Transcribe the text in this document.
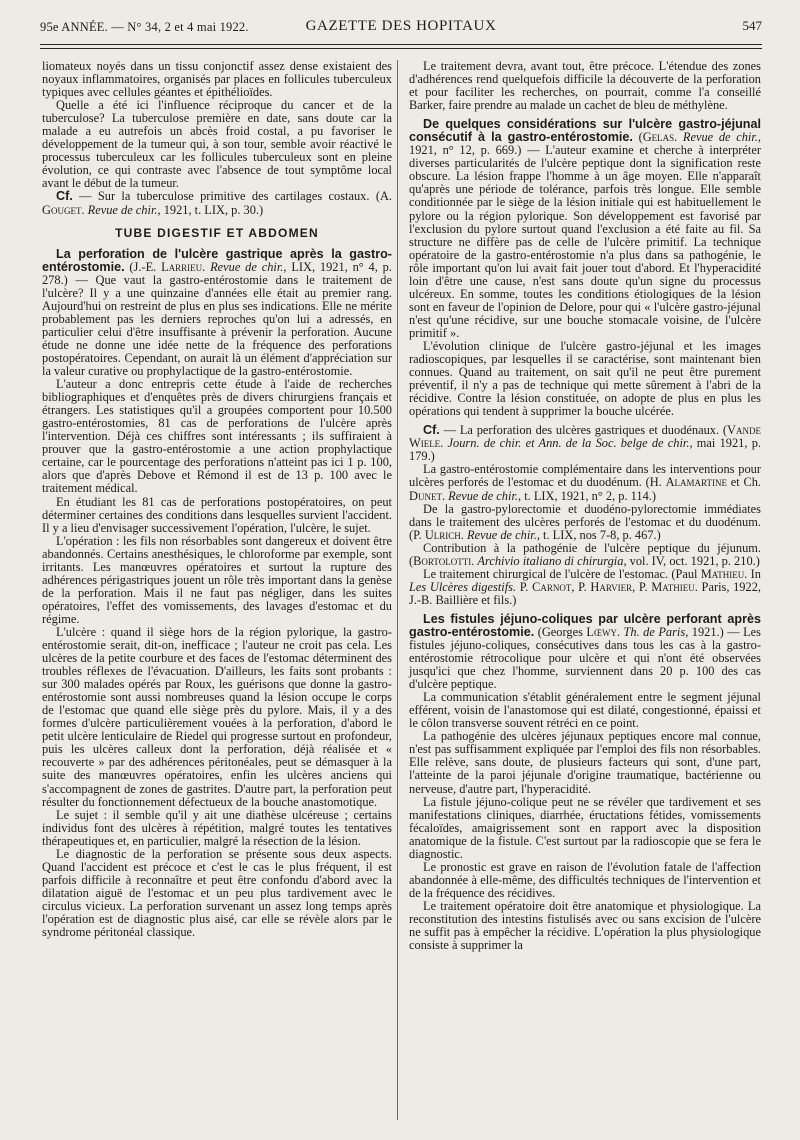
95e ANNÉE. — N° 34, 2 et 4 mai 1922.	GAZETTE DES HOPITAUX	547

liomateux noyés dans un tissu conjonctif assez dense existaient des noyaux inflammatoires, organisés par places en follicules tuberculeux typiques avec cellules géantes et épithélioïdes.

Quelle a été ici l'influence réciproque du cancer et de la tuberculose? La tuberculose première en date, sans doute car la malade a eu autrefois un abcès froid costal, a pu favoriser le développement de la tumeur qui, à son tour, semble avoir réactivé le processus tuberculeux car les follicules tuberculeux sont en pleine évolution, ce qui contraste avec l'absence de tout symptôme local avant le début de la tumeur.

Cf. — Sur la tuberculose primitive des cartilages costaux. (A. Gouget. Revue de chir., 1921, t. LIX, p. 30.)

TUBE DIGESTIF ET ABDOMEN

La perforation de l'ulcère gastrique après la gastro-entérostomie. (J.-E. Larrieu. Revue de chir., LIX, 1921, n° 4, p. 278.) — Que vaut la gastro-entérostomie dans le traitement de l'ulcère? Il y a une quinzaine d'années elle était au premier rang. Aujourd'hui on restreint de plus en plus ses indications. Elle ne mérite probablement pas les derniers reproches qu'on lui a adressés, en particulier celui d'être insuffisante à prévenir la perforation. Aucune étude ne donne une idée nette de la fréquence des perforations postopératoires. Cependant, on aurait là un élément d'appréciation sur la valeur curative ou prophylactique de la gastro-entérostomie.

L'auteur a donc entrepris cette étude à l'aide de recherches bibliographiques et d'enquêtes près de divers chirurgiens français et étrangers. Les statistiques qu'il a groupées comportent pour 10.500 gastro-entérostomies, 81 cas de perforations de l'ulcère après l'intervention. Déjà ces chiffres sont intéressants ; ils suffiraient à prouver que la gastro-entérostomie a une action prophylactique certaine, car le pourcentage des perforations n'atteint pas ici 1 p. 100, alors que d'après Debove et Rémond il est de 13 p. 100 avec le traitement médical.

En étudiant les 81 cas de perforations postopératoires, on peut déterminer certaines des conditions dans lesquelles survient l'accident. Il y a lieu d'envisager successivement l'opération, l'ulcère, le sujet.

L'opération : les fils non résorbables sont dangereux et doivent être abandonnés. Certains anesthésiques, le chloroforme par exemple, sont irritants. Les manœuvres opératoires et surtout la rupture des adhérences périgastriques jouent un rôle très important dans la genèse de la perforation. Mais il ne faut pas négliger, dans les suites opératoires, l'effet des vomissements, des lavages d'estomac et du régime.

L'ulcère : quand il siège hors de la région pylorique, la gastro-entérostomie serait, dit-on, inefficace ; l'auteur ne croit pas cela. Les ulcères de la petite courbure et des faces de l'estomac déterminent des troubles réflexes de l'évacuation. D'ailleurs, les faits sont probants : sur 300 malades opérés par Roux, les guérisons que donne la gastro-entérostomie sont aussi nombreuses quand la lésion occupe le corps de l'estomac que quand elle siège près du pylore. Mais, il y a des formes d'ulcère particulièrement vouées à la perforation, d'abord le petit ulcère lenticulaire de Riedel qui progresse surtout en profondeur, puis les ulcères calleux dont la perforation, déjà réalisée et « recouverte » par des adhérences péritonéales, peut se démasquer à la suite des manœuvres opératoires, enfin les ulcères anciens qui s'accompagnent de zones de gastrites. D'autre part, la perforation peut résulter du fonctionnement défectueux de la bouche anastomotique.

Le sujet : il semble qu'il y ait une diathèse ulcéreuse ; certains individus font des ulcères à répétition, malgré toutes les tentatives thérapeutiques et, en particulier, malgré la résection de la lésion.

Le diagnostic de la perforation se présente sous deux aspects. Quand l'accident est précoce et c'est le cas le plus fréquent, il est parfois difficile à reconnaître et peut être confondu d'abord avec la dilatation aiguë de l'estomac et un peu plus tardivement avec le circulus vicieux. La perforation survenant un assez long temps après l'opération est de diagnostic plus aisé, car elle se révèle alors par le syndrome péritonéal classique.

Le traitement devra, avant tout, être précoce. L'étendue des zones d'adhérences rend quelquefois difficile la découverte de la perforation et pour faciliter les recherches, on pourrait, comme l'a conseillé Barker, faire prendre au malade un cachet de bleu de méthylène.

De quelques considérations sur l'ulcère gastro-jéjunal consécutif à la gastro-entérostomie. (Gelas. Revue de chir., 1921, n° 12, p. 669.) — L'auteur examine et cherche à interpréter diverses particularités de l'ulcère peptique dont la signification reste obscure. La lésion frappe l'homme à un âge moyen. Elle n'apparaît qu'après une période de tolérance, parfois très longue. Elle semble conditionnée par le siège de la lésion initiale qui est habituellement le pylore ou la région pylorique. Son développement est favorisé par l'exclusion du pylore surtout quand l'exclusion a été faite au fil. Sa structure ne diffère pas de celle de l'ulcère primitif. La technique opératoire de la gastro-entérostomie n'a plus dans sa pathogénie, le rôle important qu'on lui avait fait jouer tout d'abord. Et l'hyperacidité loin d'être une cause, n'est sans doute qu'un signe du processus ulcéreux. En somme, toutes les conditions étiologiques de la lésion sont en faveur de l'opinion de Delore, pour qui « l'ulcère gastro-jéjunal n'est qu'une récidive, sur une bouche stomacale voisine, de l'ulcère primitif ».

L'évolution clinique de l'ulcère gastro-jéjunal et les images radioscopiques, par lesquelles il se caractérise, sont maintenant bien connues. Quand au traitement, on sait qu'il ne peut être purement préventif, il n'y a pas de technique qui mette sûrement à l'abri de la récidive. Contre la lésion constituée, on adopte de plus en plus les opérations qui tendent à supprimer la bouche ulcérée.

Cf. — La perforation des ulcères gastriques et duodénaux. (Vande Wiele. Journ. de chir. et Ann. de la Soc. belge de chir., mai 1921, p. 179.)

La gastro-entérostomie complémentaire dans les interventions pour ulcères perforés de l'estomac et du duodénum. (H. Alamartine et Ch. Dunet. Revue de chir., t. LIX, 1921, n° 2, p. 114.)

De la gastro-pylorectomie et duodéno-pylorectomie immédiates dans le traitement des ulcères perforés de l'estomac et du duodénum. (P. Ulrich. Revue de chir., t. LIX, nos 7-8, p. 467.)

Contribution à la pathogénie de l'ulcère peptique du jéjunum. (Bortolotti. Archivio italiano di chirurgia, vol. IV, oct. 1921, p. 210.)

Le traitement chirurgical de l'ulcère de l'estomac. (Paul Mathieu. In Les Ulcères digestifs. P. Carnot, P. Harvier, P. Mathieu. Paris, 1922, J.-B. Baillière et fils.)

Les fistules jéjuno-coliques par ulcère perforant après gastro-entérostomie. (Georges Lœwy. Th. de Paris, 1921.) — Les fistules jéjuno-coliques, consécutives dans tous les cas à la gastro-entérostomie rétrocolique pour ulcère et qui n'ont été observées jusqu'ici que chez l'homme, surviennent dans 20 p. 100 des cas d'ulcère peptique.

La communication s'établit généralement entre le segment jéjunal efférent, voisin de l'anastomose qui est dilaté, congestionné, épaissi et le côlon transverse souvent rétréci en ce point.

La pathogénie des ulcères jéjunaux peptiques encore mal connue, n'est pas suffisamment expliquée par l'emploi des fils non résorbables. Elle relève, sans doute, de plusieurs facteurs qui sont, d'une part, l'atteinte de la paroi jéjunale d'origine traumatique, bactérienne ou nerveuse, d'autre part, l'hyperacidité.

La fistule jéjuno-colique peut ne se révéler que tardivement et ses manifestations cliniques, diarrhée, éructations fétides, vomissements fécaloïdes, amaigrissement sont en rapport avec la disposition anatomique de la fistule. C'est surtout par la radioscopie que se fera le diagnostic.

Le pronostic est grave en raison de l'évolution fatale de l'affection abandonnée à elle-même, des difficultés techniques de l'intervention et de la fréquence des récidives.

Le traitement opératoire doit être anatomique et physiologique. La reconstitution des intestins fistulisés avec ou sans excision de l'ulcère ne suffit pas à empêcher la récidive. L'opération la plus physiologique consiste à supprimer la
